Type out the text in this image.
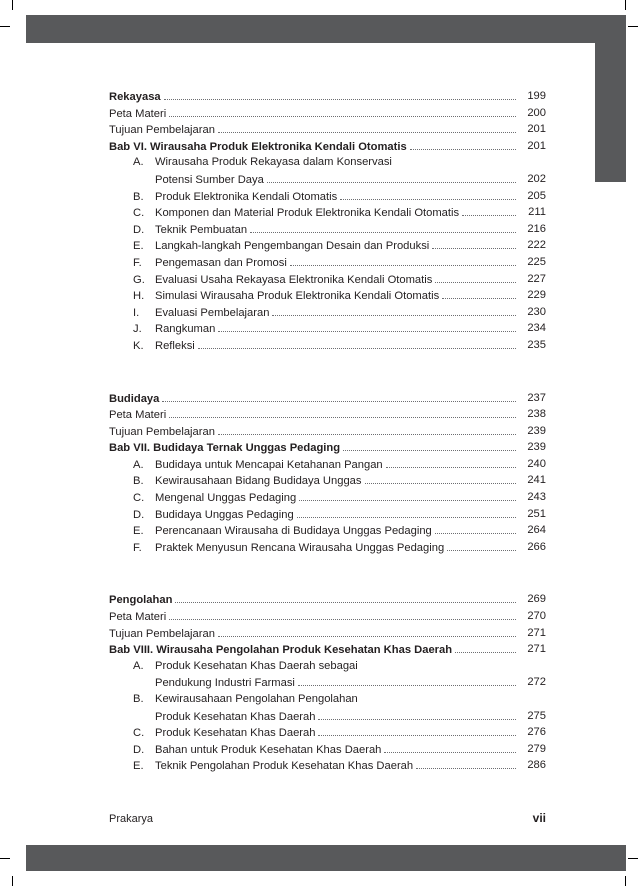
Rekayasa	199
Peta Materi	200
Tujuan Pembelajaran	201
Bab VI. Wirausaha Produk Elektronika Kendali Otomatis	201
A. Wirausaha Produk Rekayasa dalam Konservasi
Potensi Sumber Daya	202
B. Produk Elektronika Kendali Otomatis	205
C. Komponen dan Material Produk Elektronika Kendali Otomatis	211
D. Teknik Pembuatan	216
E. Langkah-langkah Pengembangan Desain dan Produksi	222
F. Pengemasan dan Promosi	225
G. Evaluasi Usaha Rekayasa Elektronika Kendali Otomatis	227
H. Simulasi Wirausaha Produk Elektronika Kendali Otomatis	229
I. Evaluasi Pembelajaran	230
J. Rangkuman	234
K. Refleksi	235
Budidaya	237
Peta Materi	238
Tujuan Pembelajaran	239
Bab VII. Budidaya Ternak Unggas Pedaging	239
A. Budidaya untuk Mencapai Ketahanan Pangan	240
B. Kewirausahaan Bidang Budidaya Unggas	241
C. Mengenal Unggas Pedaging	243
D. Budidaya Unggas Pedaging	251
E. Perencanaan Wirausaha di Budidaya Unggas Pedaging	264
F. Praktek Menyusun Rencana Wirausaha Unggas Pedaging	266
Pengolahan	269
Peta Materi	270
Tujuan Pembelajaran	271
Bab VIII. Wirausaha Pengolahan Produk Kesehatan Khas Daerah	271
A. Produk Kesehatan Khas Daerah sebagai
Pendukung Industri Farmasi	272
B. Kewirausahaan Pengolahan Pengolahan
Produk Kesehatan Khas Daerah	275
C. Produk Kesehatan Khas Daerah	276
D. Bahan untuk Produk Kesehatan Khas Daerah	279
E. Teknik Pengolahan Produk Kesehatan Khas Daerah	286
Prakarya	vii
